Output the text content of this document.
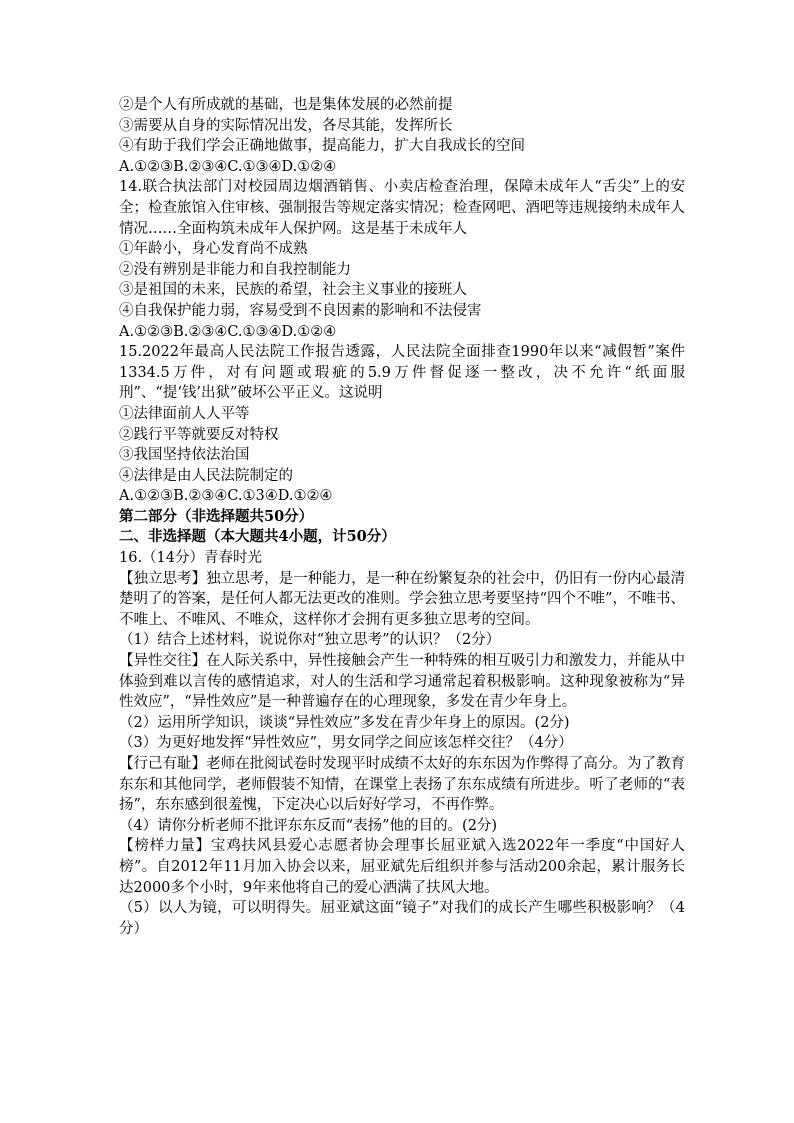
②是个人有所成就的基础，也是集体发展的必然前提
③需要从自身的实际情况出发，各尽其能，发挥所长
④有助于我们学会正确地做事，提高能力，扩大自我成长的空间
A.①②③B.②③④C.①③④D.①②④
14.联合执法部门对校园周边烟酒销售、小卖店检查治理，保障未成年人“舌尖”上的安全；检查旅馆入住审核、强制报告等规定落实情况；检查网吧、酒吧等违规接纳未成年人情况……全面构筑未成年人保护网。这是基于未成年人
①年龄小，身心发育尚不成熟
②没有辨别是非能力和自我控制能力
③是祖国的未来，民族的希望，社会主义事业的接班人
④自我保护能力弱，容易受到不良因素的影响和不法侵害
A.①②③B.②③④C.①③④D.①②④
15.2022年最高人民法院工作报告透露，人民法院全面排查1990年以来“减假暂”案件1334.5万件，对有问题或瑕疵的5.9万件督促逐一整改，决不允许“纸面服刑”、“提‘钱’出狱”破坏公平正义。这说明
①法律面前人人平等
②践行平等就要反对特权
③我国坚持依法治国
④法律是由人民法院制定的
A.①②③B.②③④C.①3④D.①②④
第二部分（非选择题共50分）
二、非选择题（本大题共4小题，计50分）
16.（14分）青春时光
【独立思考】独立思考，是一种能力，是一种在纷繁复杂的社会中，仍旧有一份内心最清楚明了的答案，是任何人都无法更改的准则。学会独立思考要坚持“四个不唯”，不唯书、不唯上、不唯风、不唯众，这样你才会拥有更多独立思考的空间。
（1）结合上述材料，说说你对“独立思考”的认识？（2分）
【异性交往】在人际关系中，异性接触会产生一种特殊的相互吸引力和激发力，并能从中体验到难以言传的感情追求，对人的生活和学习通常起着积极影响。这种现象被称为“异性效应”，“异性效应”是一种普遍存在的心理现象，多发在青少年身上。
（2）运用所学知识，谈谈“异性效应”多发在青少年身上的原因。(2分)
（3）为更好地发挥“异性效应”，男女同学之间应该怎样交往？（4分）
【行己有耻】老师在批阅试卷时发现平时成绩不太好的东东因为作弊得了高分。为了教育东东和其他同学，老师假装不知情，在课堂上表扬了东东成绩有所进步。听了老师的“表扬”，东东感到很羞愧，下定决心以后好好学习，不再作弊。
（4）请你分析老师不批评东东反而“表扬”他的目的。(2分)
【榜样力量】宝鸡扶风县爱心志愿者协会理事长屈亚斌入选2022年一季度“中国好人榜”。自2012年11月加入协会以来，屈亚斌先后组织并参与活动200余起，累计服务长达2000多个小时，9年来他将自己的爱心洒满了扶风大地。
（5）以人为镜，可以明得失。屈亚斌这面“镜子”对我们的成长产生哪些积极影响？（4分）
